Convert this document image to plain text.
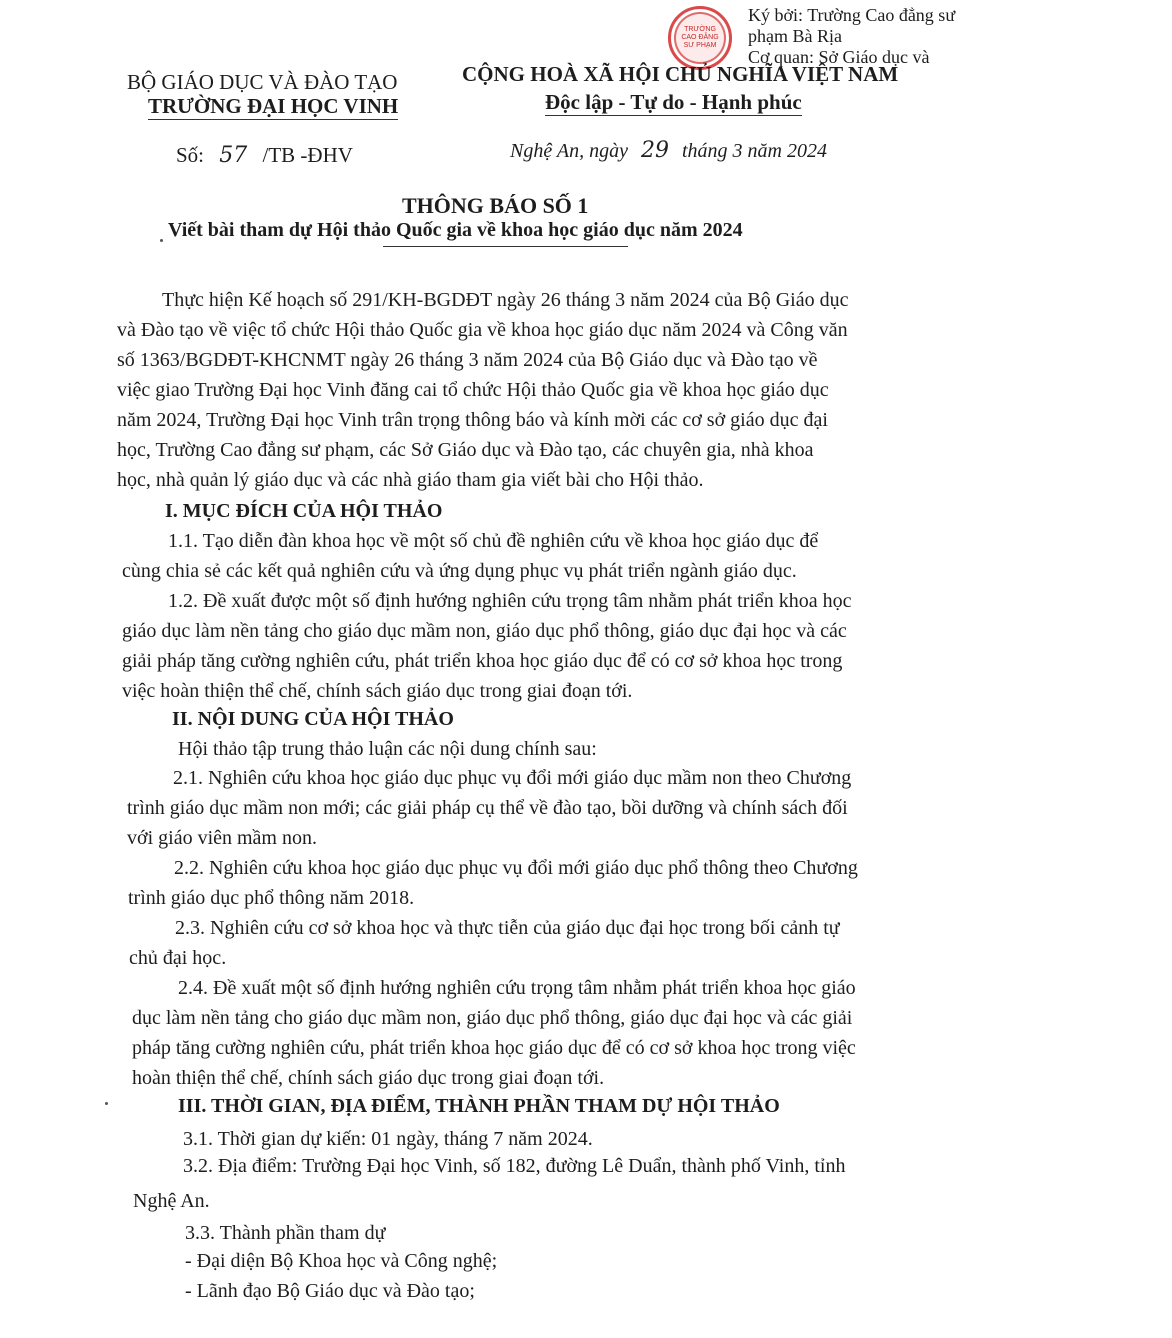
TRƯỜNG
CAO ĐẲNG
SƯ PHẠM
Ký bởi: Trường Cao đẳng sư
phạm Bà Rịa
Cơ quan: Sở Giáo dục và
BỘ GIÁO DỤC VÀ ĐÀO TẠO
TRƯỜNG ĐẠI HỌC VINH
CỘNG HOÀ XÃ HỘI CHỦ NGHĨA VIỆT NAM
Độc lập - Tự do - Hạnh phúc
Số: 57 /TB -ĐHV	Nghệ An, ngày 29 tháng 3 năm 2024
THÔNG BÁO SỐ 1
Viết bài tham dự Hội thảo Quốc gia về khoa học giáo dục năm 2024
Thực hiện Kế hoạch số 291/KH-BGDĐT ngày 26 tháng 3 năm 2024 của Bộ Giáo dục
và Đào tạo về việc tổ chức Hội thảo Quốc gia về khoa học giáo dục năm 2024 và Công văn
số 1363/BGDĐT-KHCNMT ngày 26 tháng 3 năm 2024 của Bộ Giáo dục và Đào tạo về
việc giao Trường Đại học Vinh đăng cai tổ chức Hội thảo Quốc gia về khoa học giáo dục
năm 2024, Trường Đại học Vinh trân trọng thông báo và kính mời các cơ sở giáo dục đại
học, Trường Cao đẳng sư phạm, các Sở Giáo dục và Đào tạo, các chuyên gia, nhà khoa
học, nhà quản lý giáo dục và các nhà giáo tham gia viết bài cho Hội thảo.
I. MỤC ĐÍCH CỦA HỘI THẢO
1.1. Tạo diễn đàn khoa học về một số chủ đề nghiên cứu về khoa học giáo dục để
cùng chia sẻ các kết quả nghiên cứu và ứng dụng phục vụ phát triển ngành giáo dục.
1.2. Đề xuất được một số định hướng nghiên cứu trọng tâm nhằm phát triển khoa học
giáo dục làm nền tảng cho giáo dục mầm non, giáo dục phổ thông, giáo dục đại học và các
giải pháp tăng cường nghiên cứu, phát triển khoa học giáo dục để có cơ sở khoa học trong
việc hoàn thiện thể chế, chính sách giáo dục trong giai đoạn tới.
II. NỘI DUNG CỦA HỘI THẢO
Hội thảo tập trung thảo luận các nội dung chính sau:
2.1. Nghiên cứu khoa học giáo dục phục vụ đổi mới giáo dục mầm non theo Chương
trình giáo dục mầm non mới; các giải pháp cụ thể về đào tạo, bồi dưỡng và chính sách đối
với giáo viên mầm non.
2.2. Nghiên cứu khoa học giáo dục phục vụ đổi mới giáo dục phổ thông theo Chương
trình giáo dục phổ thông năm 2018.
2.3. Nghiên cứu cơ sở khoa học và thực tiễn của giáo dục đại học trong bối cảnh tự
chủ đại học.
2.4. Đề xuất một số định hướng nghiên cứu trọng tâm nhằm phát triển khoa học giáo
dục làm nền tảng cho giáo dục mầm non, giáo dục phổ thông, giáo dục đại học và các giải
pháp tăng cường nghiên cứu, phát triển khoa học giáo dục để có cơ sở khoa học trong việc
hoàn thiện thể chế, chính sách giáo dục trong giai đoạn tới.
III. THỜI GIAN, ĐỊA ĐIỂM, THÀNH PHẦN THAM DỰ HỘI THẢO
3.1. Thời gian dự kiến: 01 ngày, tháng 7 năm 2024.
3.2. Địa điểm: Trường Đại học Vinh, số 182, đường Lê Duẩn, thành phố Vinh, tỉnh
Nghệ An.
3.3. Thành phần tham dự
- Đại diện Bộ Khoa học và Công nghệ;
- Lãnh đạo Bộ Giáo dục và Đào tạo;
